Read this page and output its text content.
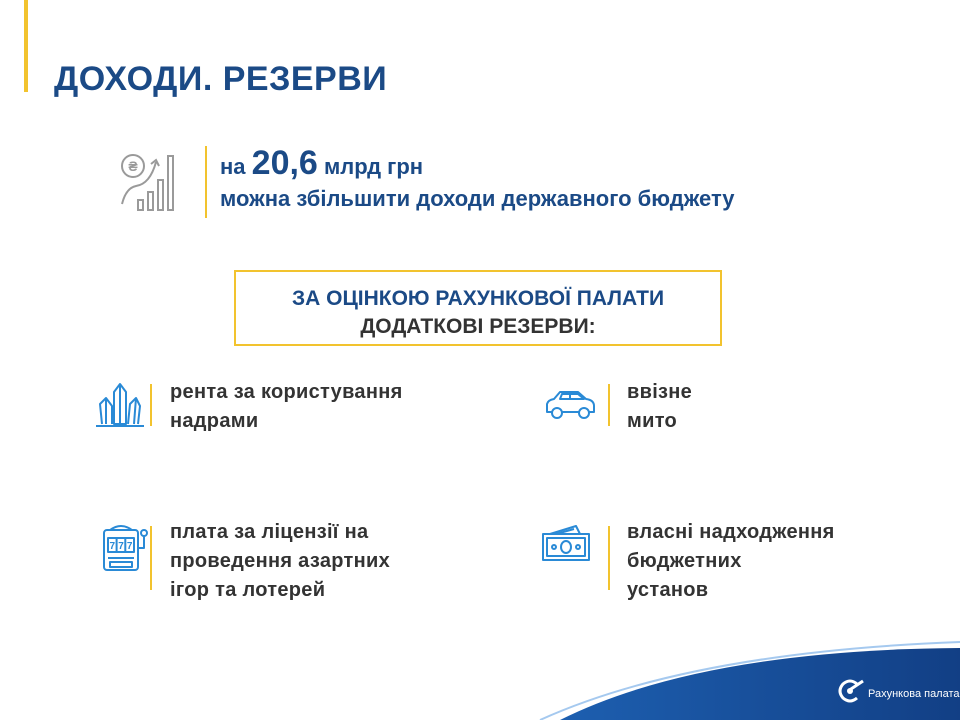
ДОХОДИ. РЕЗЕРВИ
₴	на 20,6 млрд грн
можна збільшити доходи державного бюджету
ЗА ОЦІНКОЮ РАХУНКОВОЇ ПАЛАТИ
ДОДАТКОВІ РЕЗЕРВИ:
рента за користування
надрами
ввізне
мито
7 7 7
плата за ліцензії на
проведення азартних
ігор та лотерей
власні надходження
бюджетних
установ
Рахункова палата
